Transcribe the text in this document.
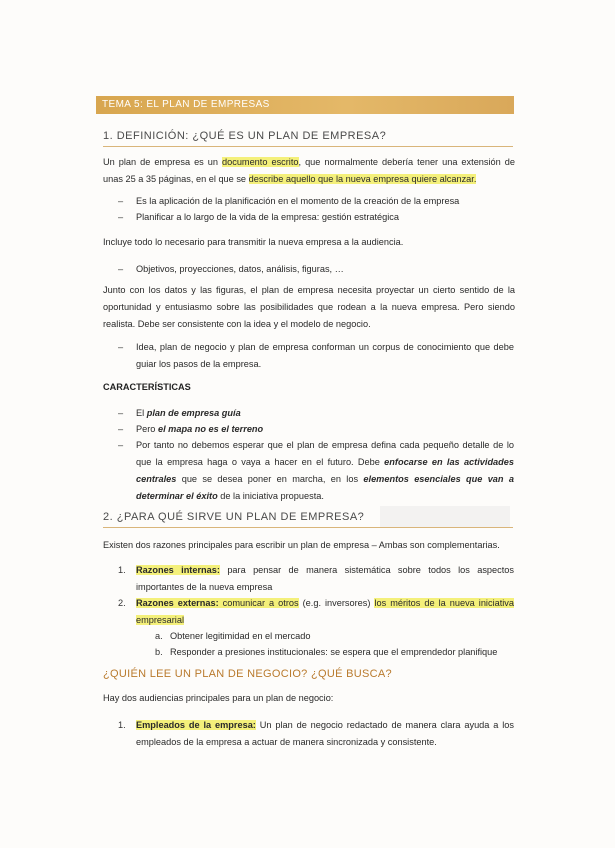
TEMA 5: EL PLAN DE EMPRESAS
1. DEFINICIÓN: ¿QUÉ ES UN PLAN DE EMPRESA?
Un plan de empresa es un documento escrito, que normalmente debería tener una extensión de unas 25 a 35 páginas, en el que se describe aquello que la nueva empresa quiere alcanzar.
– Es la aplicación de la planificación en el momento de la creación de la empresa
– Planificar a lo largo de la vida de la empresa: gestión estratégica
Incluye todo lo necesario para transmitir la nueva empresa a la audiencia.
– Objetivos, proyecciones, datos, análisis, figuras, …
Junto con los datos y las figuras, el plan de empresa necesita proyectar un cierto sentido de la oportunidad y entusiasmo sobre las posibilidades que rodean a la nueva empresa. Pero siendo realista. Debe ser consistente con la idea y el modelo de negocio.
– Idea, plan de negocio y plan de empresa conforman un corpus de conocimiento que debe guiar los pasos de la empresa.
CARACTERÍSTICAS
– El plan de empresa guía
– Pero el mapa no es el terreno
– Por tanto no debemos esperar que el plan de empresa defina cada pequeño detalle de lo que la empresa haga o vaya a hacer en el futuro. Debe enfocarse en las actividades centrales que se desea poner en marcha, en los elementos esenciales que van a determinar el éxito de la iniciativa propuesta.
2. ¿PARA QUÉ SIRVE UN PLAN DE EMPRESA?
Existen dos razones principales para escribir un plan de empresa – Ambas son complementarias.
1. Razones internas: para pensar de manera sistemática sobre todos los aspectos importantes de la nueva empresa
2. Razones externas: comunicar a otros (e.g. inversores) los méritos de la nueva iniciativa empresarial
a. Obtener legitimidad en el mercado
b. Responder a presiones institucionales: se espera que el emprendedor planifique
¿QUIÉN LEE UN PLAN DE NEGOCIO? ¿QUÉ BUSCA?
Hay dos audiencias principales para un plan de negocio:
1. Empleados de la empresa: Un plan de negocio redactado de manera clara ayuda a los empleados de la empresa a actuar de manera sincronizada y consistente.
